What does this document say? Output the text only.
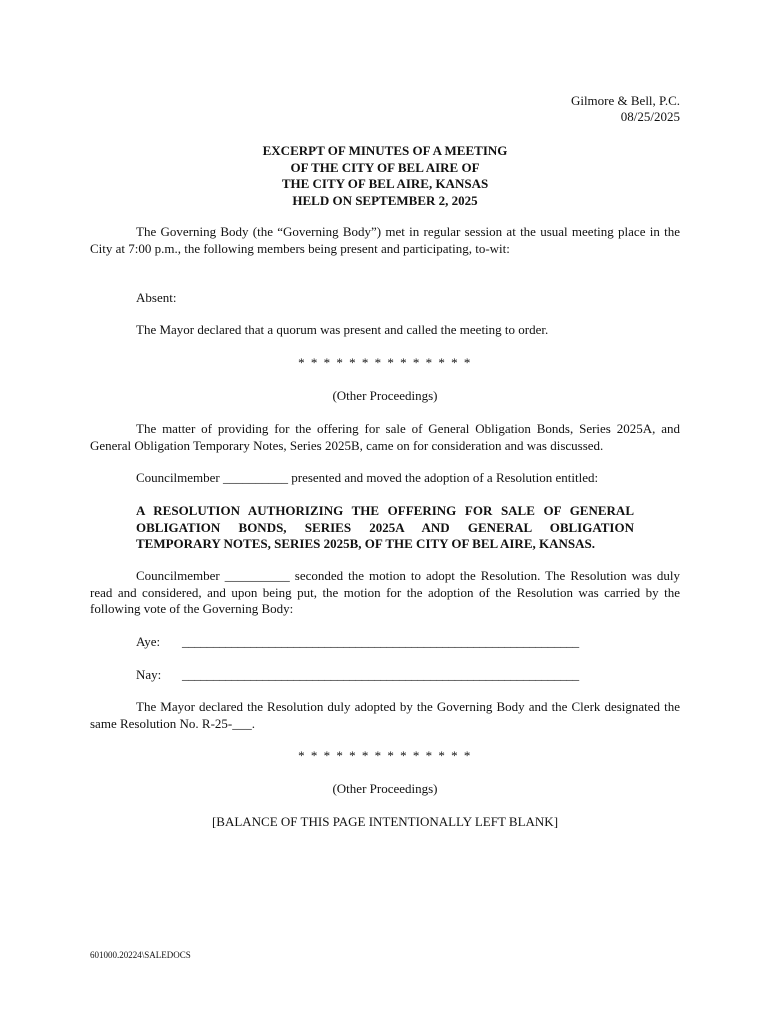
Gilmore & Bell, P.C.
08/25/2025
EXCERPT OF MINUTES OF A MEETING
OF THE CITY OF BEL AIRE OF
THE CITY OF BEL AIRE, KANSAS
HELD ON SEPTEMBER 2, 2025
The Governing Body (the “Governing Body”) met in regular session at the usual meeting place in the City at 7:00 p.m., the following members being present and participating, to-wit:
Absent:
The Mayor declared that a quorum was present and called the meeting to order.
* * * * * * * * * * * * * *
(Other Proceedings)
The matter of providing for the offering for sale of General Obligation Bonds, Series 2025A, and General Obligation Temporary Notes, Series 2025B, came on for consideration and was discussed.
Councilmember __________ presented and moved the adoption of a Resolution entitled:
A RESOLUTION AUTHORIZING THE OFFERING FOR SALE OF GENERAL
OBLIGATION BONDS, SERIES 2025A AND GENERAL OBLIGATION
TEMPORARY NOTES, SERIES 2025B, OF THE CITY OF BEL AIRE, KANSAS.
Councilmember __________ seconded the motion to adopt the Resolution. The Resolution was duly read and considered, and upon being put, the motion for the adoption of the Resolution was carried by the following vote of the Governing Body:
Aye: ________________________________________________________________
Nay: ________________________________________________________________
The Mayor declared the Resolution duly adopted by the Governing Body and the Clerk designated the same Resolution No. R-25-___.
* * * * * * * * * * * * * *
(Other Proceedings)
[BALANCE OF THIS PAGE INTENTIONALLY LEFT BLANK]
601000.20224\SALEDOCS
